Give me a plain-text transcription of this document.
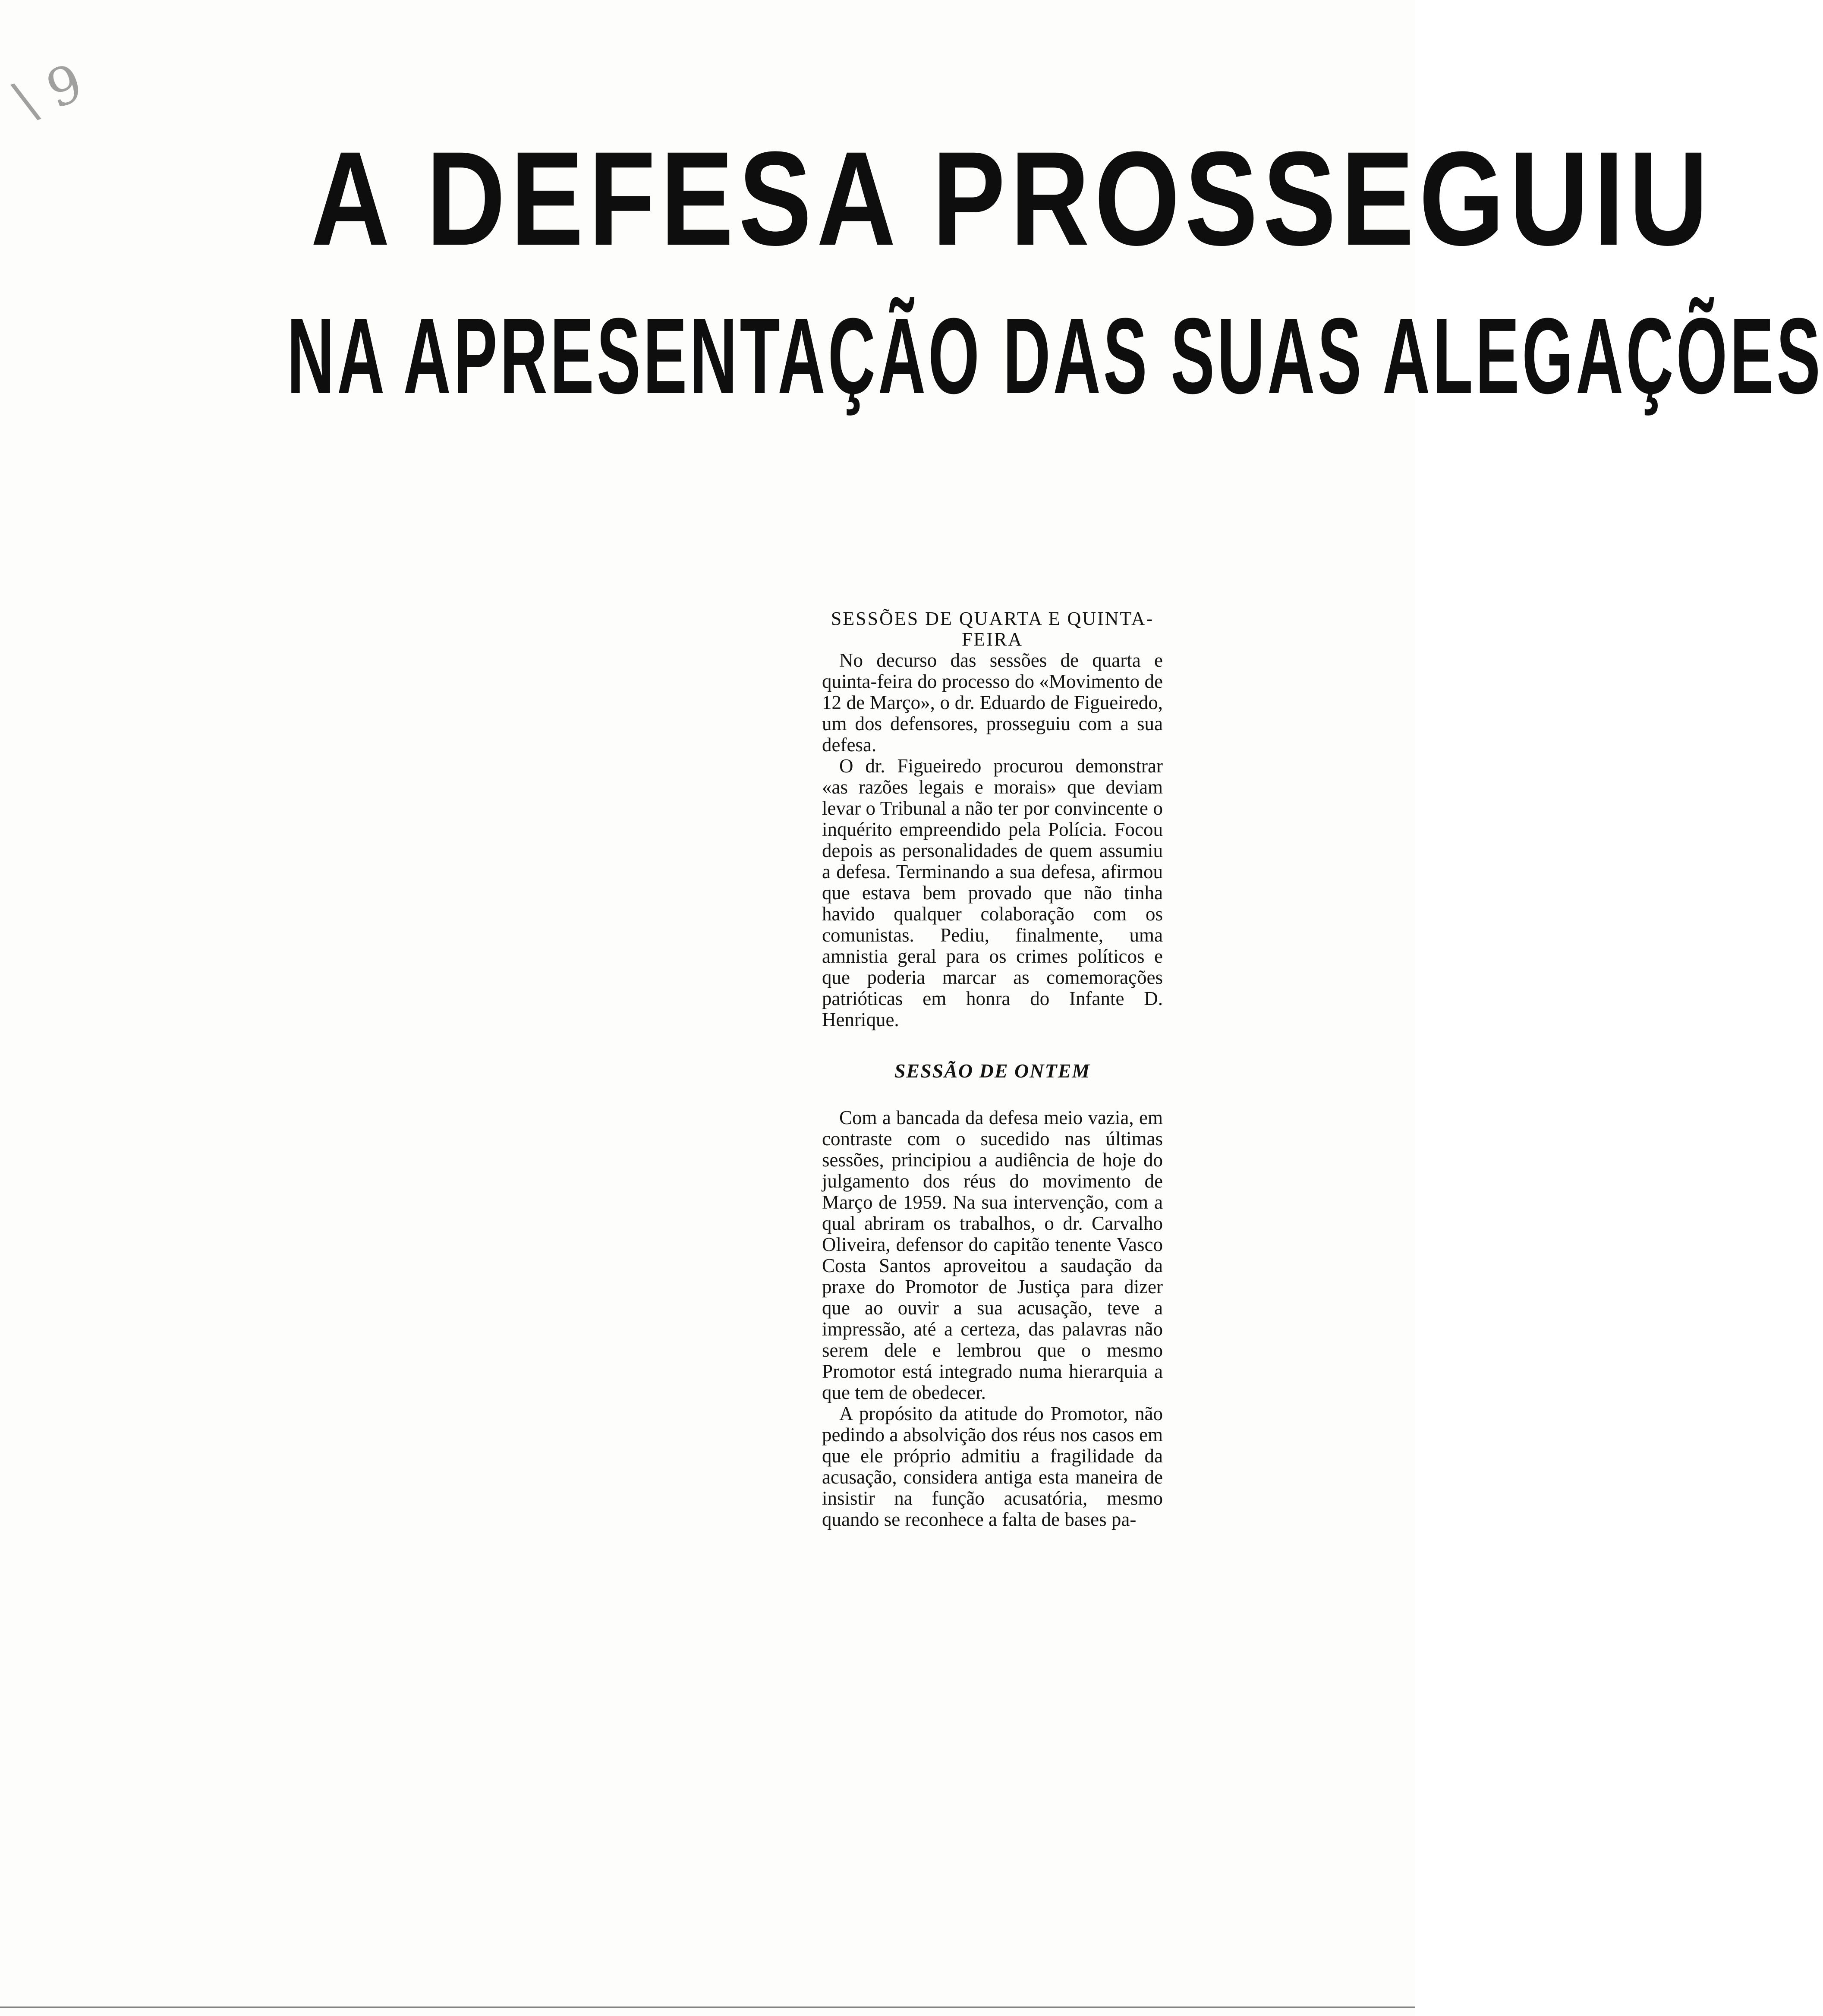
\ 9
A DEFESA PROSSEGUIU
NA APRESENTAÇÃO DAS SUAS ALEGAÇÕES
SESSÕES DE QUARTA E QUINTA-FEIRA

No decurso das sessões de quarta e quinta-feira do processo do «Movimento de 12 de Março», o dr. Eduardo de Figueiredo, um dos defensores, prosseguiu com a sua defesa.

O dr. Figueiredo procurou demonstrar «as razões legais e morais» que deviam levar o Tribunal a não ter por convincente o inquérito empreendido pela Polícia. Focou depois as personalidades de quem assumiu a defesa. Terminando a sua defesa, afirmou que estava bem provado que não tinha havido qualquer colaboração com os comunistas. Pediu, finalmente, uma amnistia geral para os crimes políticos e que poderia marcar as comemorações patrióticas em honra do Infante D. Henrique.

SESSÃO DE ONTEM

Com a bancada da defesa meio vazia, em contraste com o sucedido nas últimas sessões, principiou a audiência de hoje do julgamento dos réus do movimento de Março de 1959. Na sua intervenção, com a qual abriram os trabalhos, o dr. Carvalho Oliveira, defensor do capitão tenente Vasco Costa Santos aproveitou a saudação da praxe do Promotor de Justiça para dizer que ao ouvir a sua acusação, teve a impressão, até a certeza, das palavras não serem dele e lembrou que o mesmo Promotor está integrado numa hierarquia a que tem de obedecer.

A propósito da atitude do Promotor, não pedindo a absolvição dos réus nos casos em que ele próprio admitiu a fragilidade da acusação, considera antiga esta maneira de insistir na função acusatória, mesmo quando se reconhece a falta de bases pa-
